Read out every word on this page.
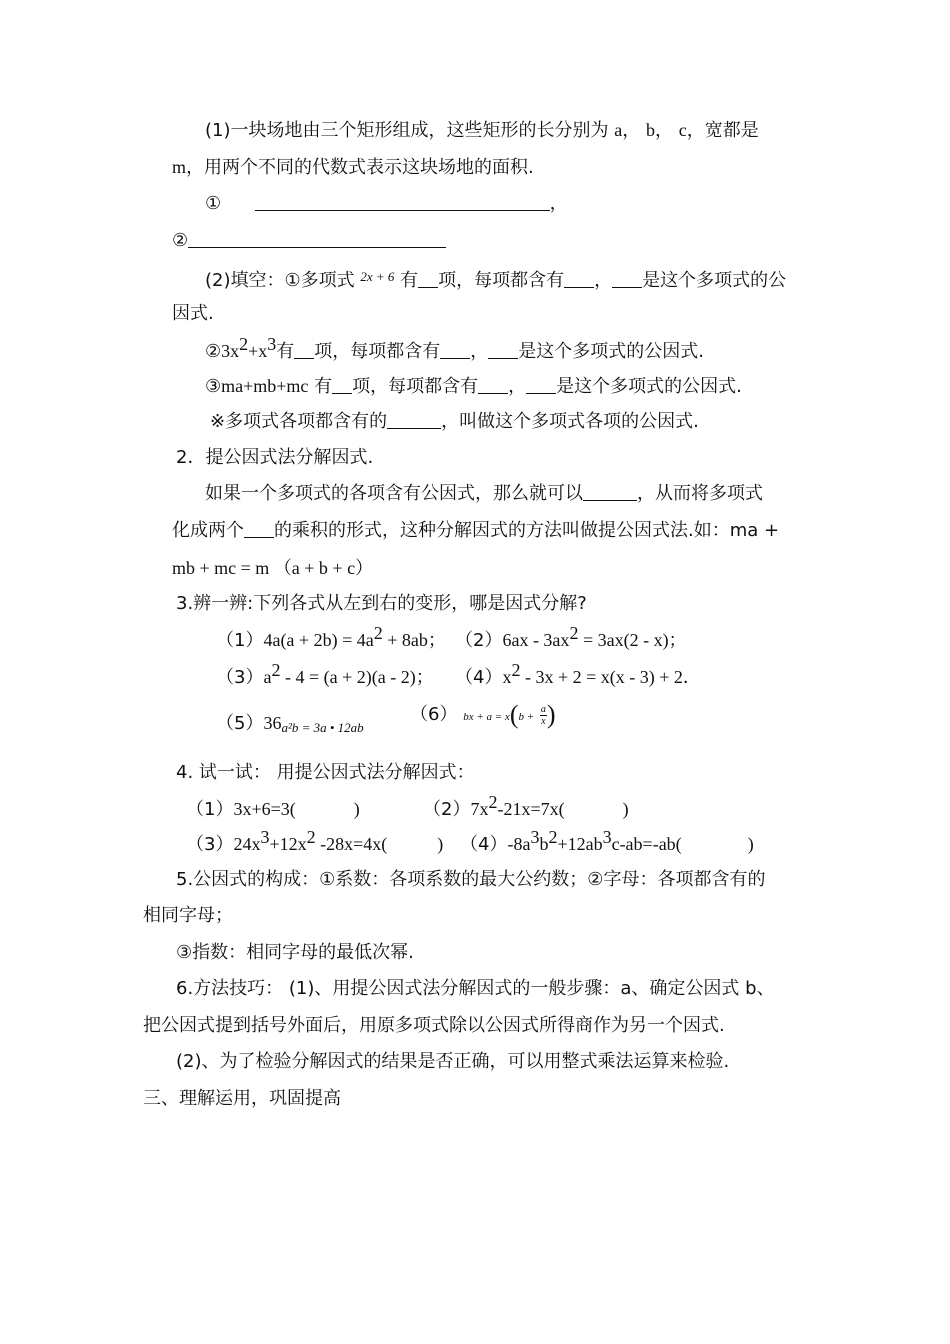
(1)一块场地由三个矩形组成，这些矩形的长分别为 a， b， c，宽都是
m，用两个不同的代数式表示这块场地的面积.
①	，
②
(2)填空：①多项式 $^{2x + 6}$ 有 项，每项都含有 ， 是这个多项式的公
因式.
$②3x^2+x^3$有 项，每项都含有 ， 是这个多项式的公因式.
③ma+mb+mc 有 项，每项都含有 ， 是这个多项式的公因式.
※多项式各项都含有的	，叫做这个多项式各项的公因式.
2．提公因式法分解因式.
如果一个多项式的各项含有公因式，那么就可以	，从而将多项式
化成两个 的乘积的形式，这种分解因式的方法叫做提公因式法.如：ma +
mb + mc = m （a + b + c）
3.辨一辨:下列各式从左到右的变形，哪是因式分解?
$(1)4a(a + 2b) = 4a^2 + 8ab$； $(2)6ax - 3ax^2 = 3ax(2 - x)$；
$(3)a^2 - 4 = (a + 2)(a - 2)$； $(4)x^2 - 3x + 2 = x(x - 3) + 2$．
（5）36a²b = 3a • 12ab
（6） bx + $a = x(b + \frac{a}{x}$ )
4. 试一试： 用提公因式法分解因式：
（1）3x+6=3(	)	$(2)7x^2-21x=7x$(	)
$(3)24x^3+12x^2$ -28x=4x(	) $(4)-8a^3b^2+12ab^3c-ab=-ab$(	)
5.公因式的构成：①系数：各项系数的最大公约数；②字母：各项都含有的
相同字母；
③指数：相同字母的最低次幂.
6.方法技巧： (1)、用提公因式法分解因式的一般步骤：a、确定公因式 b、
把公因式提到括号外面后，用原多项式除以公因式所得商作为另一个因式.
(2)、为了检验分解因式的结果是否正确，可以用整式乘法运算来检验.
三、理解运用，巩固提高
